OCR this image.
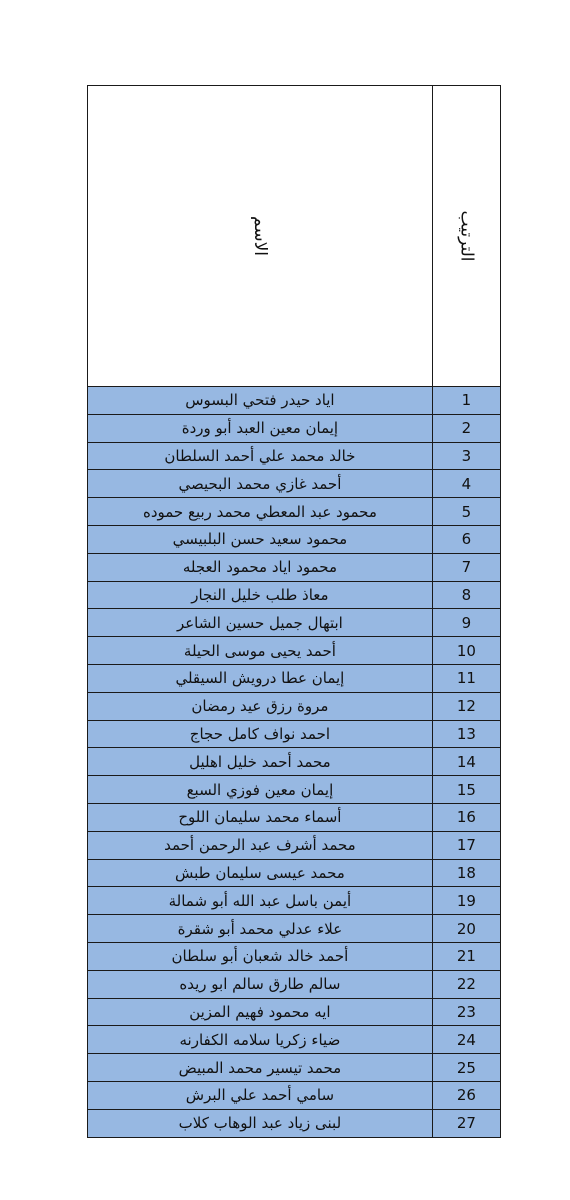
الاسم	الترتيب
اياد حيدر فتحي البسوس	1
إيمان معين العبد أبو وردة	2
خالد محمد علي أحمد السلطان	3
أحمد غازي محمد البحيصي	4
محمود عبد المعطي محمد ربيع حموده	5
محمود سعيد حسن البلبيسي	6
محمود اياد محمود العجله	7
معاذ طلب خليل النجار	8
ابتهال جميل حسين الشاعر	9
أحمد يحيى موسى الحيلة	10
إيمان عطا درويش السيقلي	11
مروة رزق عيد رمضان	12
احمد نواف كامل حجاج	13
محمد أحمد خليل اهليل	14
إيمان معين فوزي السبع	15
أسماء محمد سليمان اللوح	16
محمد أشرف عبد الرحمن أحمد	17
محمد عيسى سليمان طبش	18
أيمن باسل عبد الله أبو شمالة	19
علاء عدلي محمد أبو شقرة	20
أحمد خالد شعبان أبو سلطان	21
سالم طارق سالم ابو ريده	22
ايه محمود فهيم المزين	23
ضياء زكريا سلامه الكفارنه	24
محمد تيسير محمد المبيض	25
سامي أحمد علي البرش	26
لبنى زياد عبد الوهاب كلاب	27
